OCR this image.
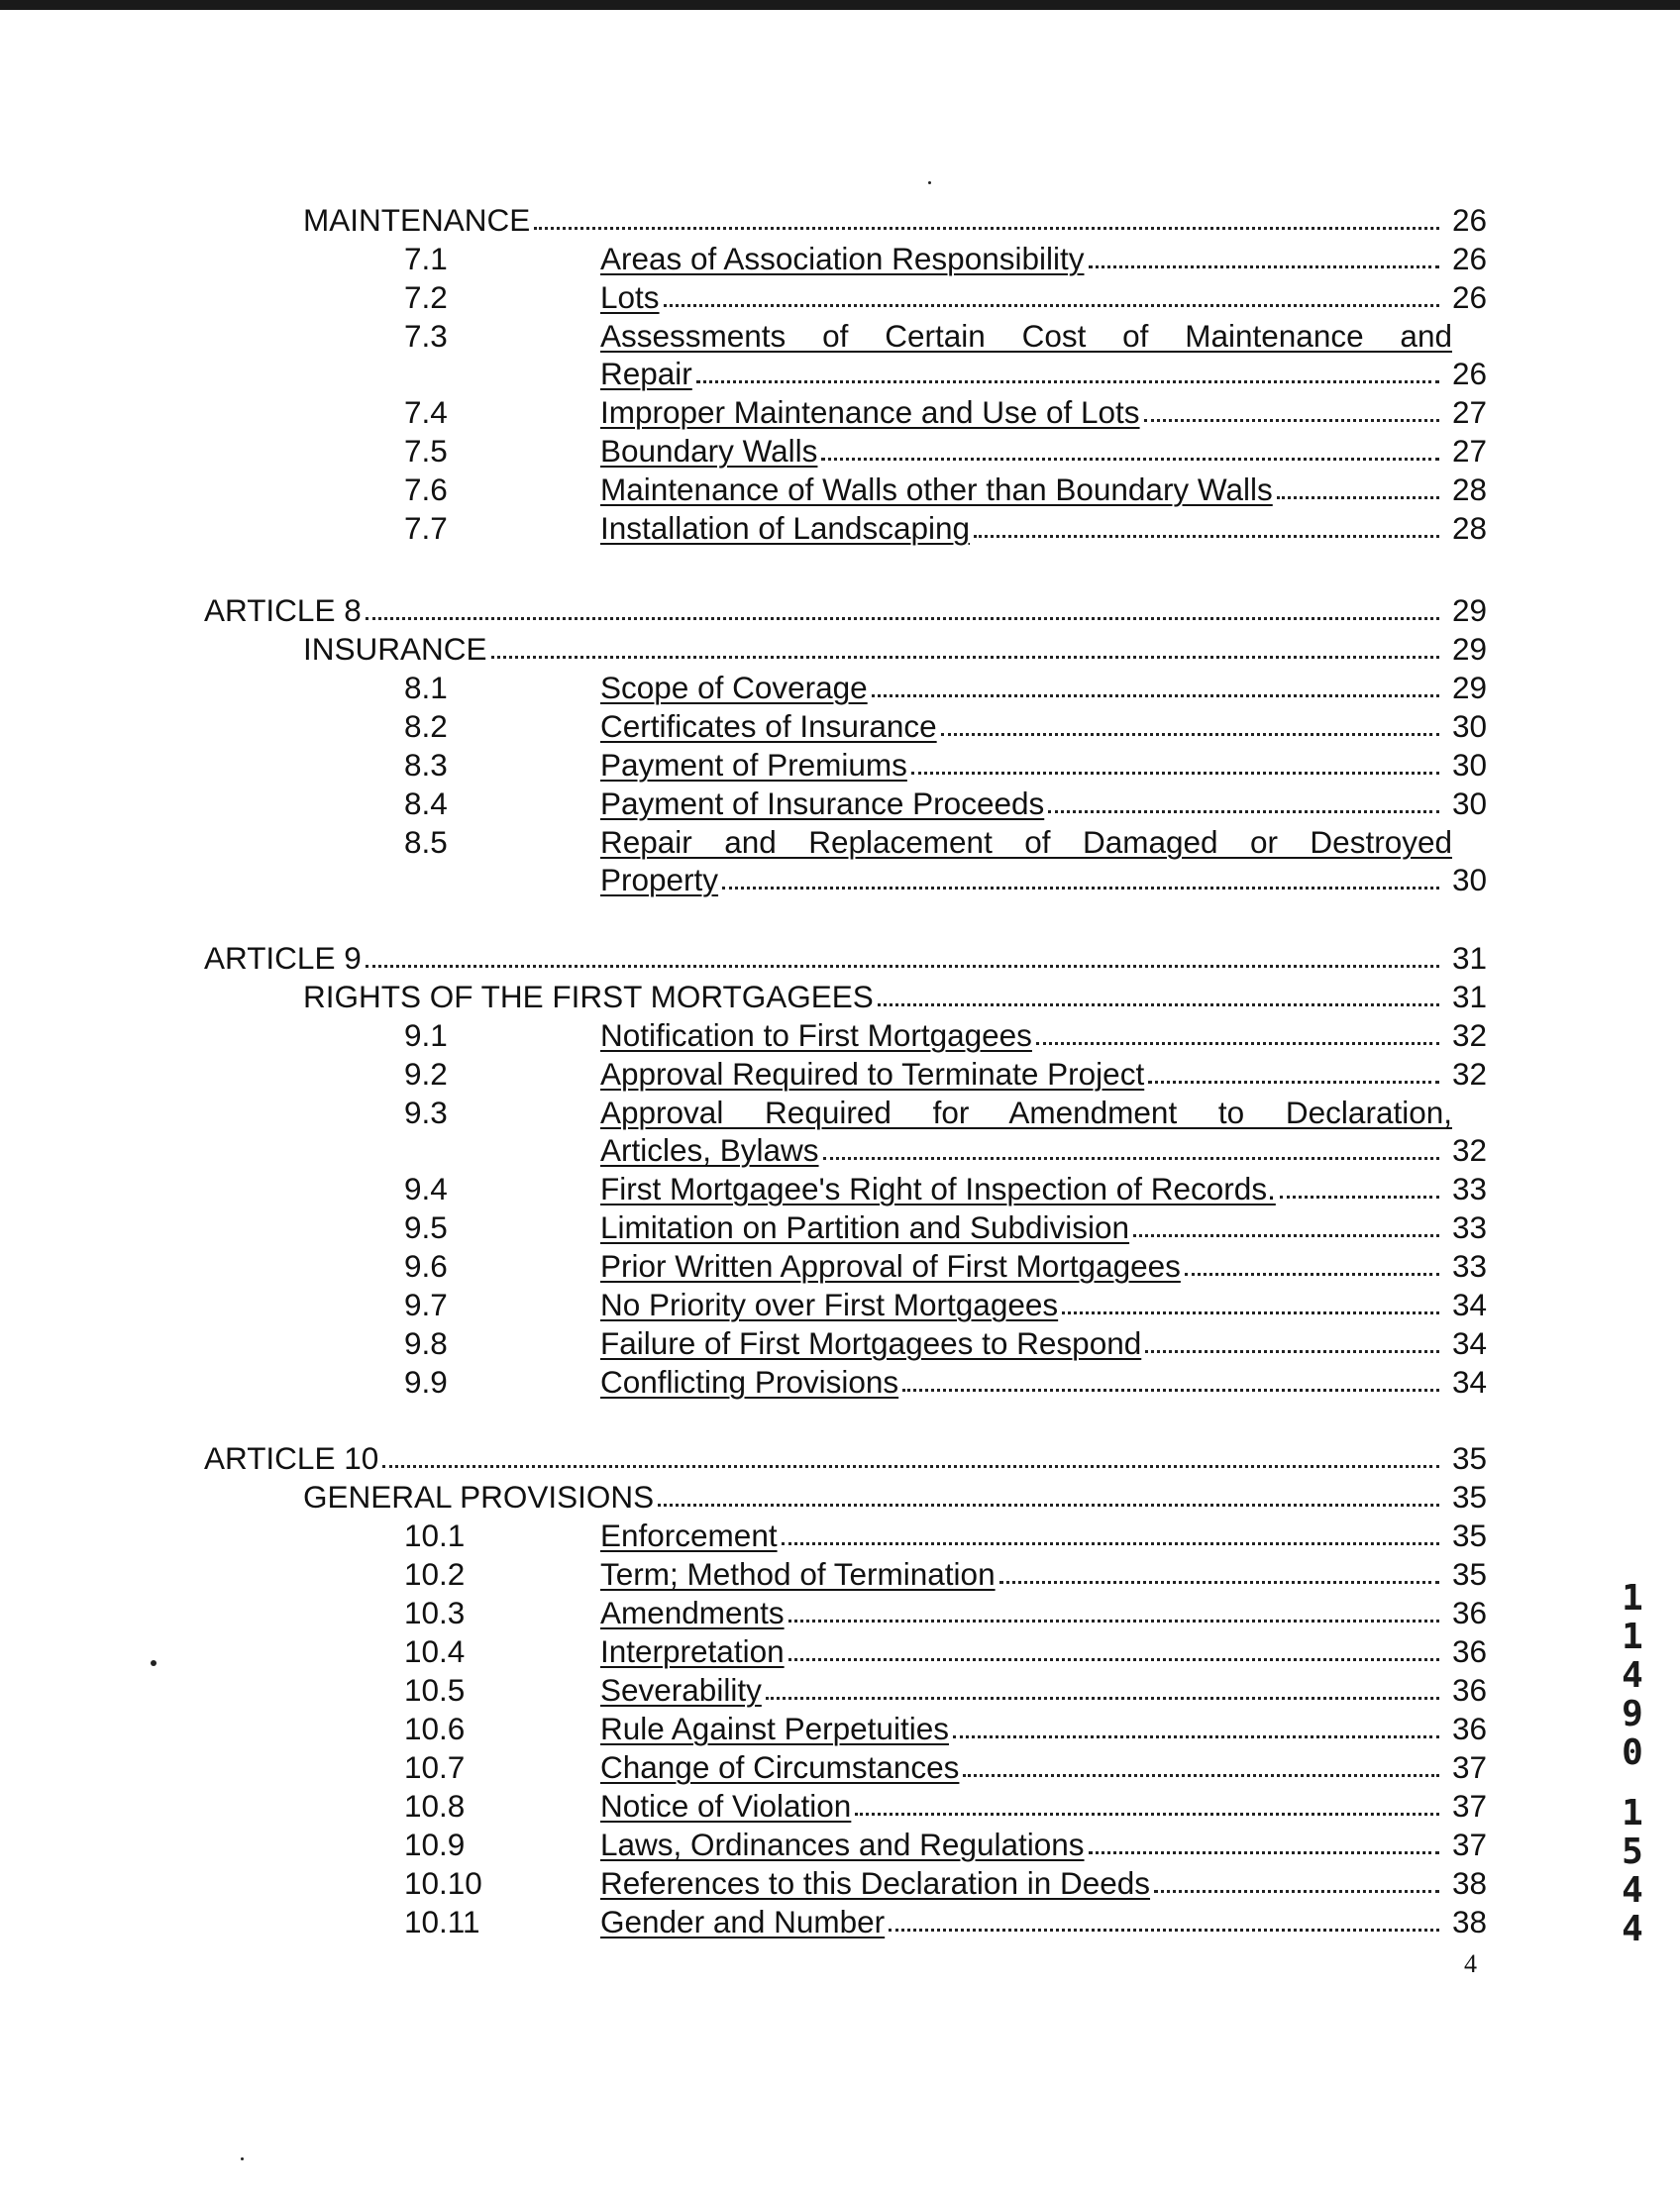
MAINTENANCE	26
7.1	Areas of Association Responsibility	26
7.2	Lots	26
7.3	Assessments of Certain Cost of Maintenance and
Repair	26
7.4	Improper Maintenance and Use of Lots	27
7.5	Boundary Walls	27
7.6	Maintenance of Walls other than Boundary Walls	28
7.7	Installation of Landscaping	28
ARTICLE 8	29
INSURANCE	29
8.1	Scope of Coverage	29
8.2	Certificates of Insurance	30
8.3	Payment of Premiums	30
8.4	Payment of Insurance Proceeds	30
8.5	Repair and Replacement of Damaged or Destroyed
Property	30
ARTICLE 9	31
RIGHTS OF THE FIRST MORTGAGEES	31
9.1	Notification to First Mortgagees	32
9.2	Approval Required to Terminate Project	32
9.3	Approval Required for Amendment to Declaration,
Articles, Bylaws	32
9.4	First Mortgagee's Right of Inspection of Records.	33
9.5	Limitation on Partition and Subdivision	33
9.6	Prior Written Approval of First Mortgagees	33
9.7	No Priority over First Mortgagees	34
9.8	Failure of First Mortgagees to Respond	34
9.9	Conflicting Provisions	34
ARTICLE 10	35
GENERAL PROVISIONS	35
10.1	Enforcement	35
10.2	Term; Method of Termination	35
10.3	Amendments	36
10.4	Interpretation	36
10.5	Severability	36
10.6	Rule Against Perpetuities	36
10.7	Change of Circumstances	37
10.8	Notice of Violation	37
10.9	Laws, Ordinances and Regulations	37
10.10	References to this Declaration in Deeds	38
10.11	Gender and Number	38
4
1
1
4
9
0
1
5
4
4
